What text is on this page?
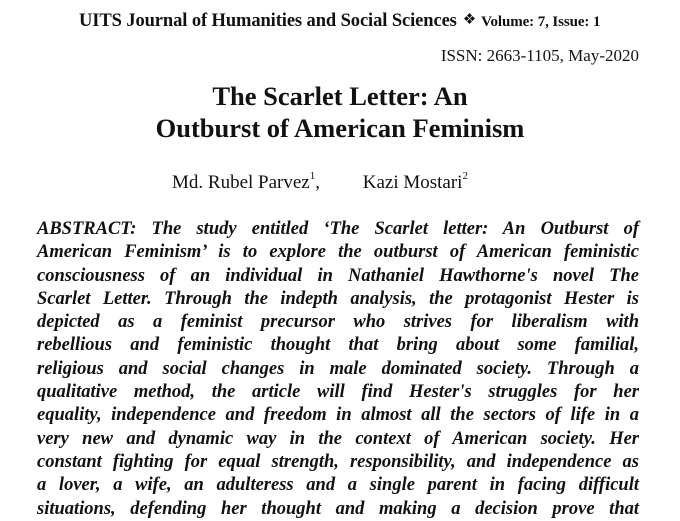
UITS Journal of Humanities and Social Sciences ❖ Volume: 7, Issue: 1
ISSN: 2663-1105, May-2020
The Scarlet Letter: An
Outburst of American Feminism
Md. Rubel Parvez$^1$, Kazi Mostari$^2$
ABSTRACT: The study entitled ‘The Scarlet letter: An Outburst of
American Feminism’ is to explore the outburst of American feministic
consciousness of an individual in Nathaniel Hawthorne's novel The
Scarlet Letter. Through the indepth analysis, the protagonist Hester is
depicted as a feminist precursor who strives for liberalism with
rebellious and feministic thought that bring about some familial,
religious and social changes in male dominated society. Through a
qualitative method, the article will find Hester's struggles for her
equality, independence and freedom in almost all the sectors of life in a
very new and dynamic way in the context of American society. Her
constant fighting for equal strength, responsibility, and independence as
a lover, a wife, an adulteress and a single parent in facing difficult
situations, defending her thought and making a decision prove that
